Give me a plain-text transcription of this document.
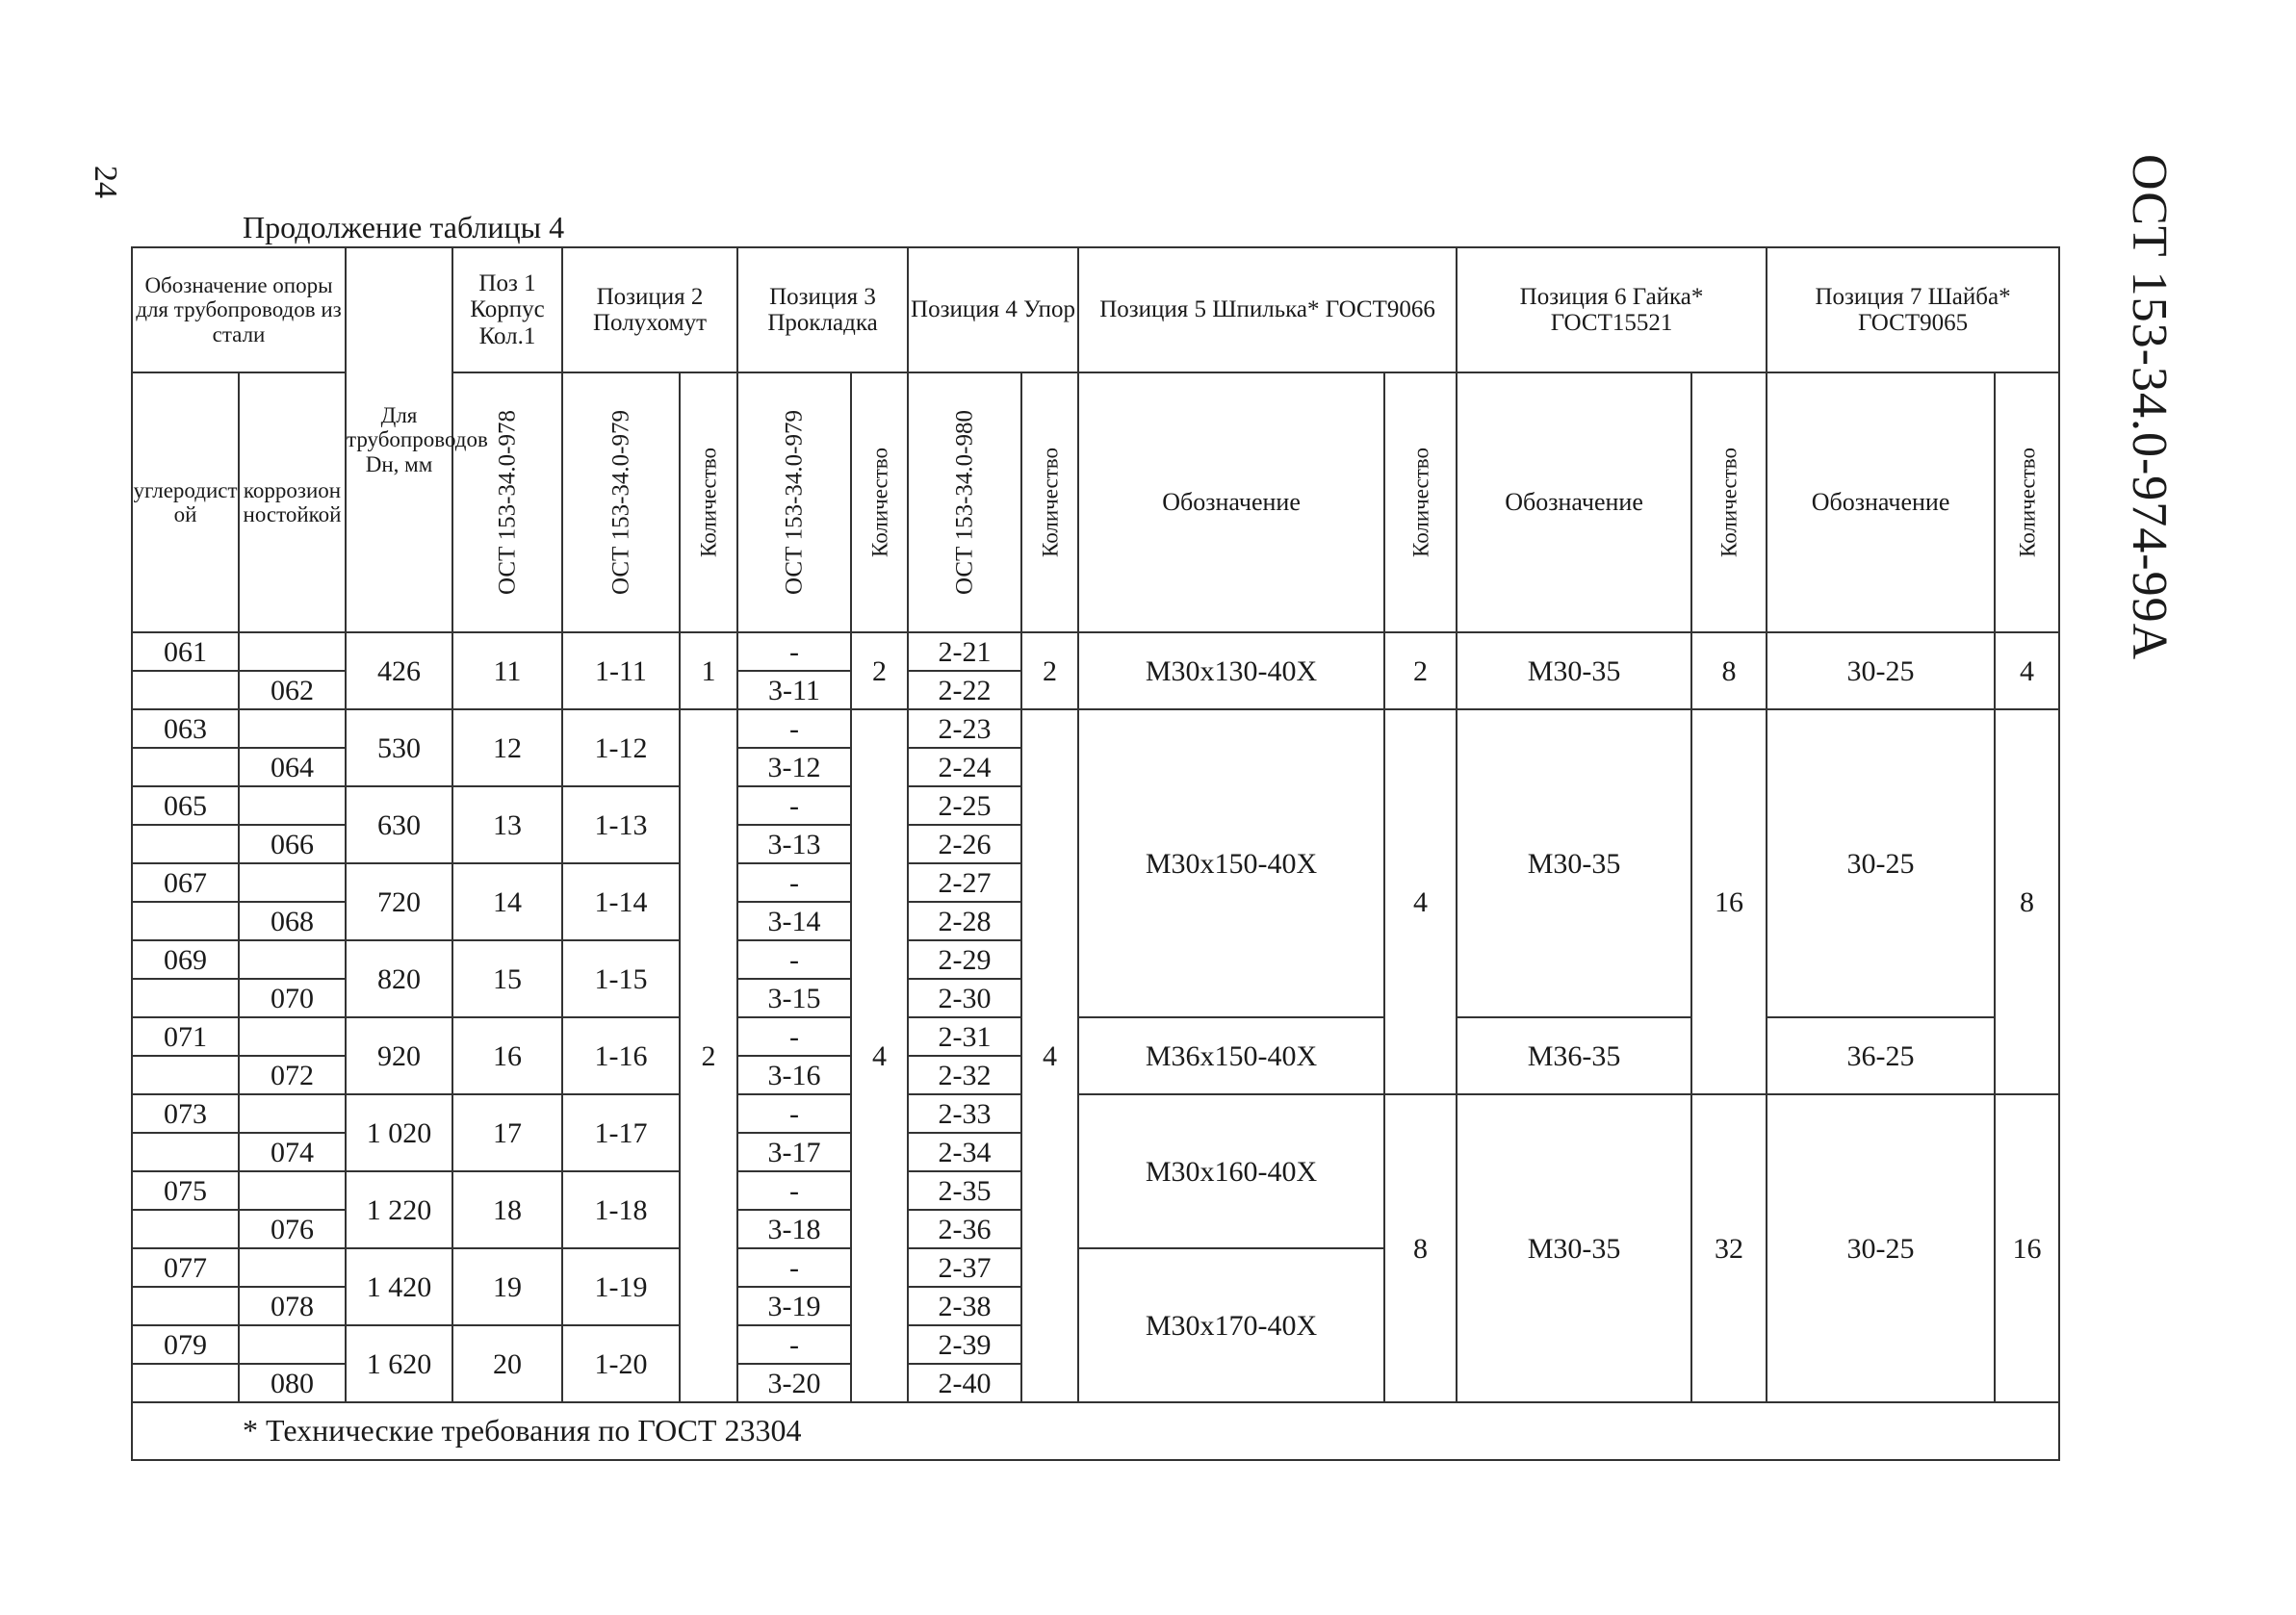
24	ОСТ 153-34.0-974-99А
Продолжение таблицы 4
Обозначение опоры для трубопроводов из стали		Для трубопроводов Dн, мм	Поз 1 Корпус Кол.1	Позиция 2 Полухомут		Позиция 3 Прокладка		Позиция 4 Упор		Позиция 5 Шпилька* ГОСТ9066		Позиция 6 Гайка* ГОСТ15521		Позиция 7 Шайба* ГОСТ9065	
углеродистой	коррозионностойкой		ОСТ 153-34.0-978	ОСТ 153-34.0-979	Количество	ОСТ 153-34.0-979	Количество	ОСТ 153-34.0-980	Количество	Обозначение	Количество	Обозначение	Количество	Обозначение	Количество

061		426	11	1-11	1	-	2	2-21	2	М30х130-40Х	2	М30-35	8	30-25	4
	062					3-11		2-22							
063		530	12	1-12	2	-	4	2-23	4	М30х150-40Х	4	М30-35	16	30-25	8
	064					3-12		2-24							
065		630	13	1-13		-		2-25							
	066					3-13		2-26							
067		720	14	1-14		-		2-27							
	068					3-14		2-28							
069		820	15	1-15		-		2-29							
	070					3-15		2-30							
071		920	16	1-16		-		2-31		М36х150-40Х		М36-35		36-25	
	072					3-16		2-32							
073		1 020	17	1-17		-		2-33		М30х160-40Х	8	М30-35	32	30-25	16
	074					3-17		2-34							
075		1 220	18	1-18		-		2-35							
	076					3-18		2-36							
077		1 420	19	1-19		-		2-37		М30х170-40Х					
	078					3-19		2-38							
079		1 620	20	1-20		-		2-39							
	080					3-20		2-40							
* Технические требования по ГОСТ 23304															
